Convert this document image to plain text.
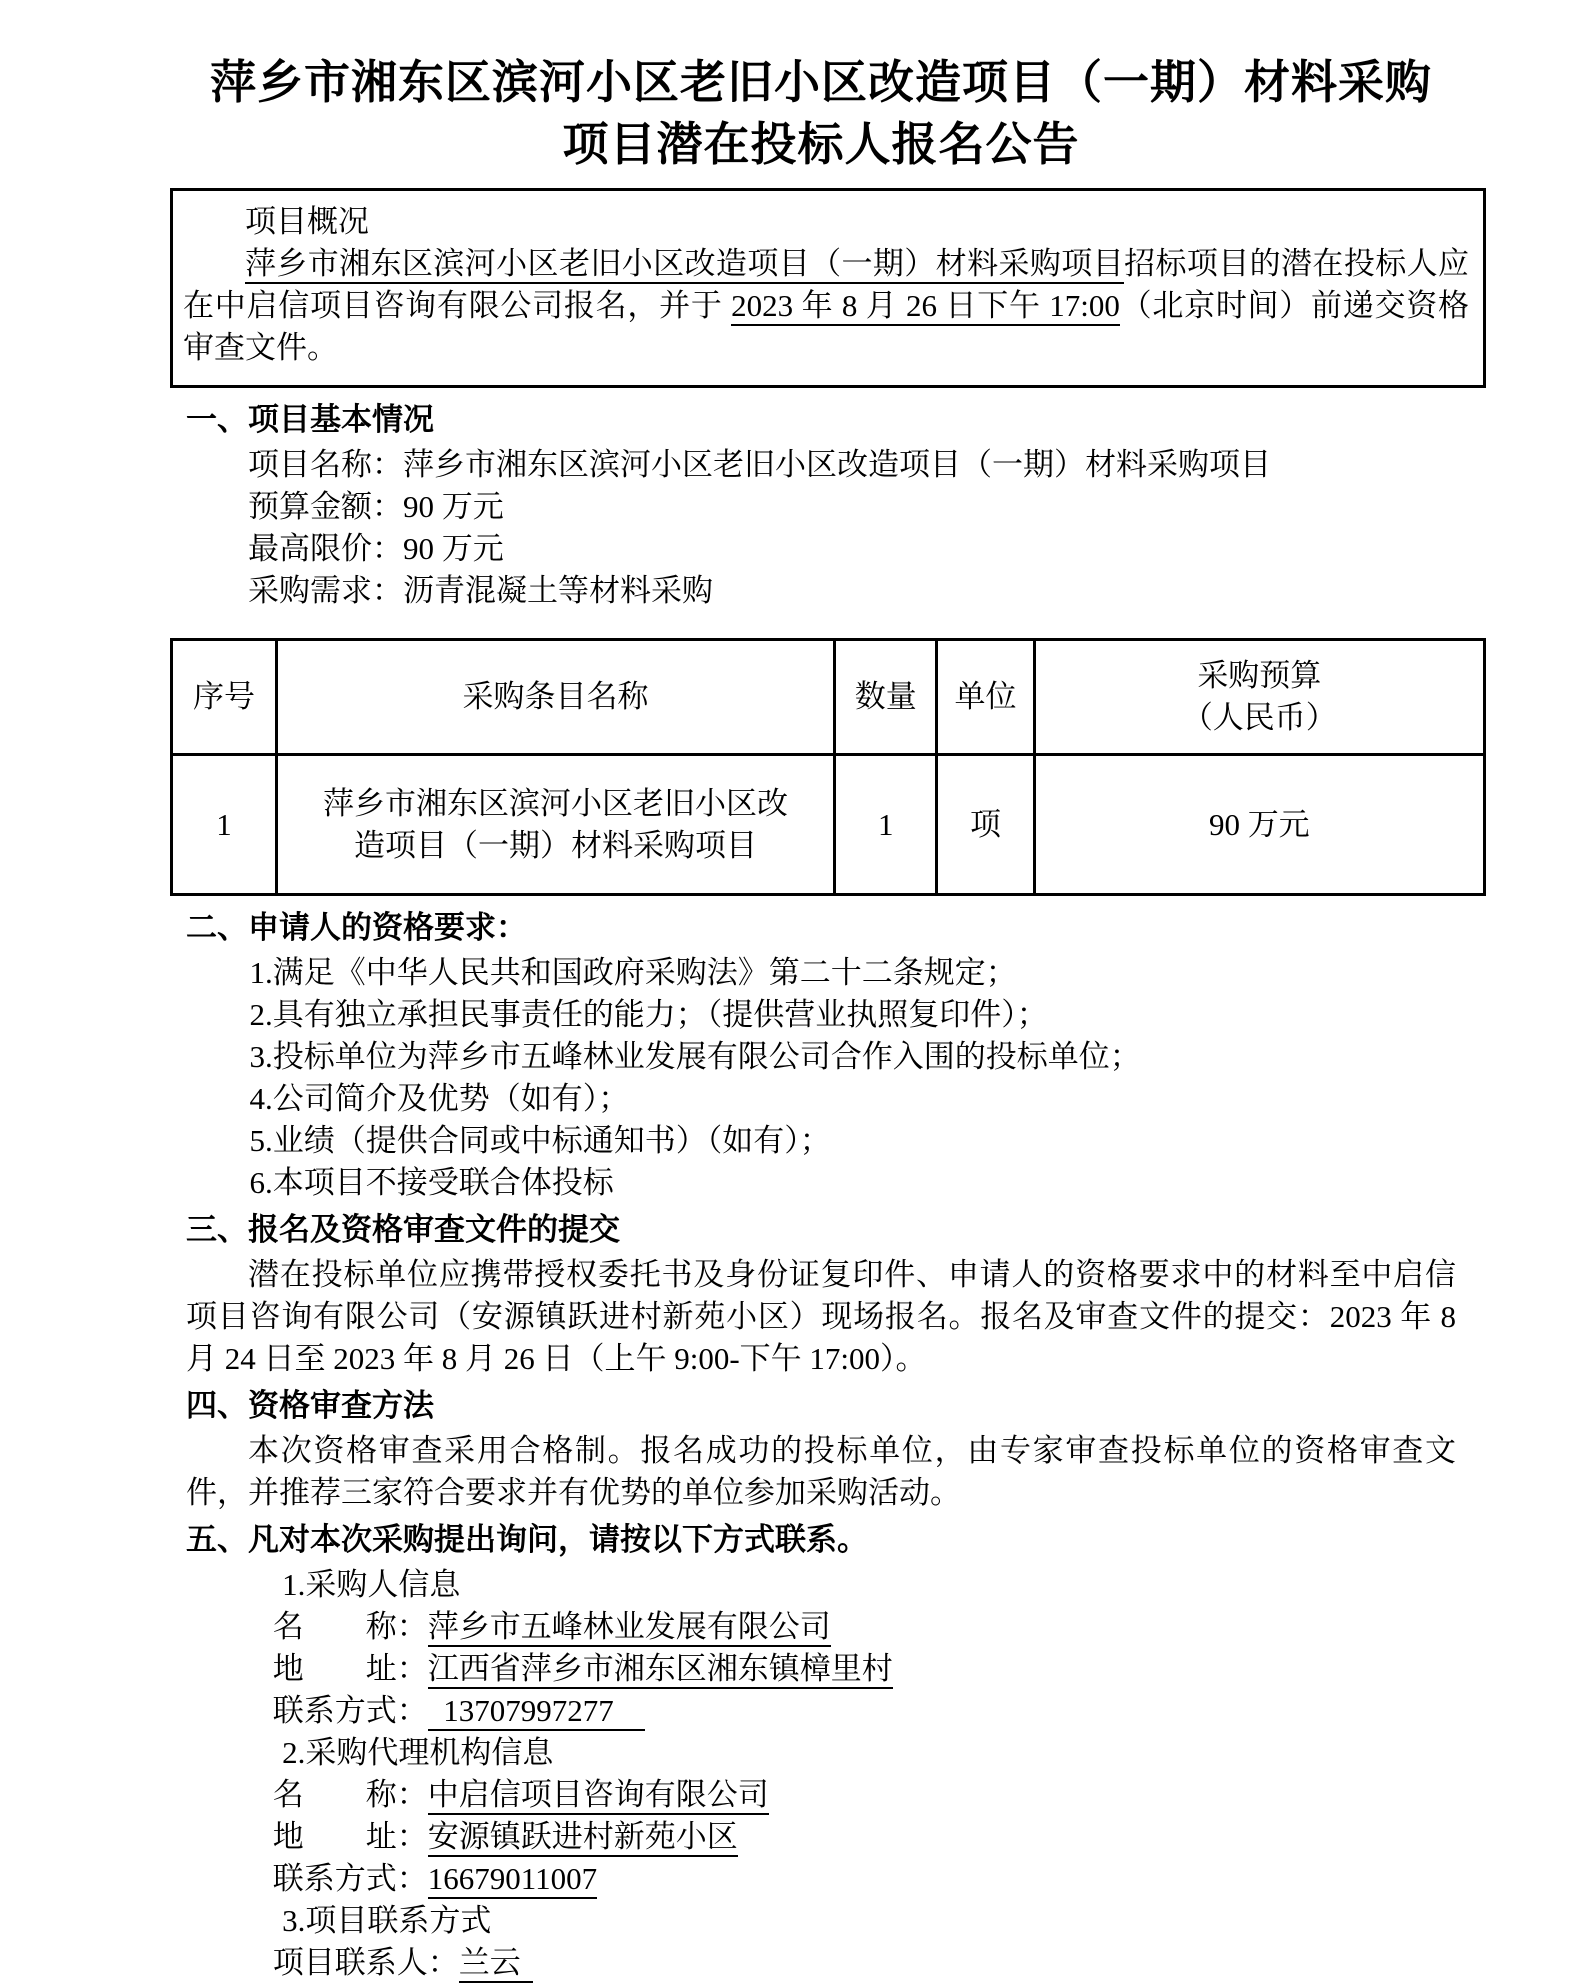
萍乡市湘东区滨河小区老旧小区改造项目（一期）材料采购
项目潜在投标人报名公告

项目概况

萍乡市湘东区滨河小区老旧小区改造项目（一期）材料采购项目招标项目的潜在投标人应在中启信项目咨询有限公司报名，并于 2023 年 8 月 26 日下午 17:00（北京时间）前递交资格审查文件。

一、项目基本情况

项目名称：萍乡市湘东区滨河小区老旧小区改造项目（一期）材料采购项目

预算金额：90 万元

最高限价：90 万元

采购需求：沥青混凝土等材料采购

序号	采购条目名称	数量	单位	采购预算
（人民币）

1	萍乡市湘东区滨河小区老旧小区改造项目（一期）材料采购项目	1	项	90 万元
二、申请人的资格要求：

1.满足《中华人民共和国政府采购法》第二十二条规定；

2.具有独立承担民事责任的能力；（提供营业执照复印件）；

3.投标单位为萍乡市五峰林业发展有限公司合作入围的投标单位；

4.公司简介及优势（如有）；

5.业绩（提供合同或中标通知书）（如有）；

6.本项目不接受联合体投标

三、报名及资格审查文件的提交

潜在投标单位应携带授权委托书及身份证复印件、申请人的资格要求中的材料至中启信项目咨询有限公司（安源镇跃进村新苑小区）现场报名。报名及审查文件的提交：2023 年 8 月 24 日至 2023 年 8 月 26 日（上午 9:00-下午 17:00）。

四、资格审查方法

本次资格审查采用合格制。报名成功的投标单位，由专家审查投标单位的资格审查文件，并推荐三家符合要求并有优势的单位参加采购活动。

五、凡对本次采购提出询问，请按以下方式联系。

1.采购人信息

名　　称：萍乡市五峰林业发展有限公司

地　　址：江西省萍乡市湘东区湘东镇樟里村

联系方式： 13707997277

2.采购代理机构信息

名　　称：中启信项目咨询有限公司

地　　址：安源镇跃进村新苑小区

联系方式：16679011007

3.项目联系方式

项目联系人：兰云
